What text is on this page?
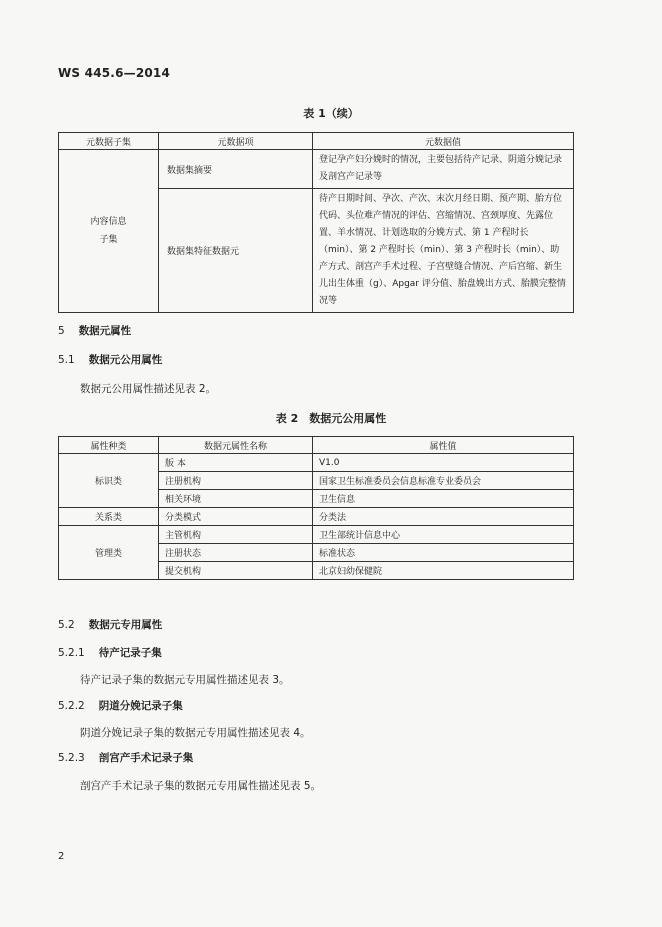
WS 445.6—2014
表 1（续）
元数据子集	元数据项	元数据值
内容信息子集	数据集摘要	登记孕产妇分娩时的情况，主要包括待产记录、阴道分娩记录及剖宫产记录等
	数据集特征数据元	待产日期时间、孕次、产次、末次月经日期、预产期、胎方位代码、头位难产情况的评估、宫缩情况、宫颈厚度、先露位置、羊水情况、计划选取的分娩方式、第 1 产程时长（min）、第 2 产程时长（min）、第 3 产程时长（min）、助产方式、剖宫产手术过程、子宫壁缝合情况、产后宫缩、新生儿出生体重（g）、Apgar 评分值、胎盘娩出方式、胎膜完整情况等
5 数据元属性
5.1 数据元公用属性
数据元公用属性描述见表 2。
表 2　数据元公用属性
属性种类	数据元属性名称	属性值
标识类	版 本	V1.0
	注册机构	国家卫生标准委员会信息标准专业委员会
	相关环境	卫生信息
关系类	分类模式	分类法
管理类	主管机构	卫生部统计信息中心
	注册状态	标准状态
	提交机构	北京妇幼保健院
5.2 数据元专用属性
5.2.1 待产记录子集
待产记录子集的数据元专用属性描述见表 3。
5.2.2 阴道分娩记录子集
阴道分娩记录子集的数据元专用属性描述见表 4。
5.2.3 剖宫产手术记录子集
剖宫产手术记录子集的数据元专用属性描述见表 5。
2
